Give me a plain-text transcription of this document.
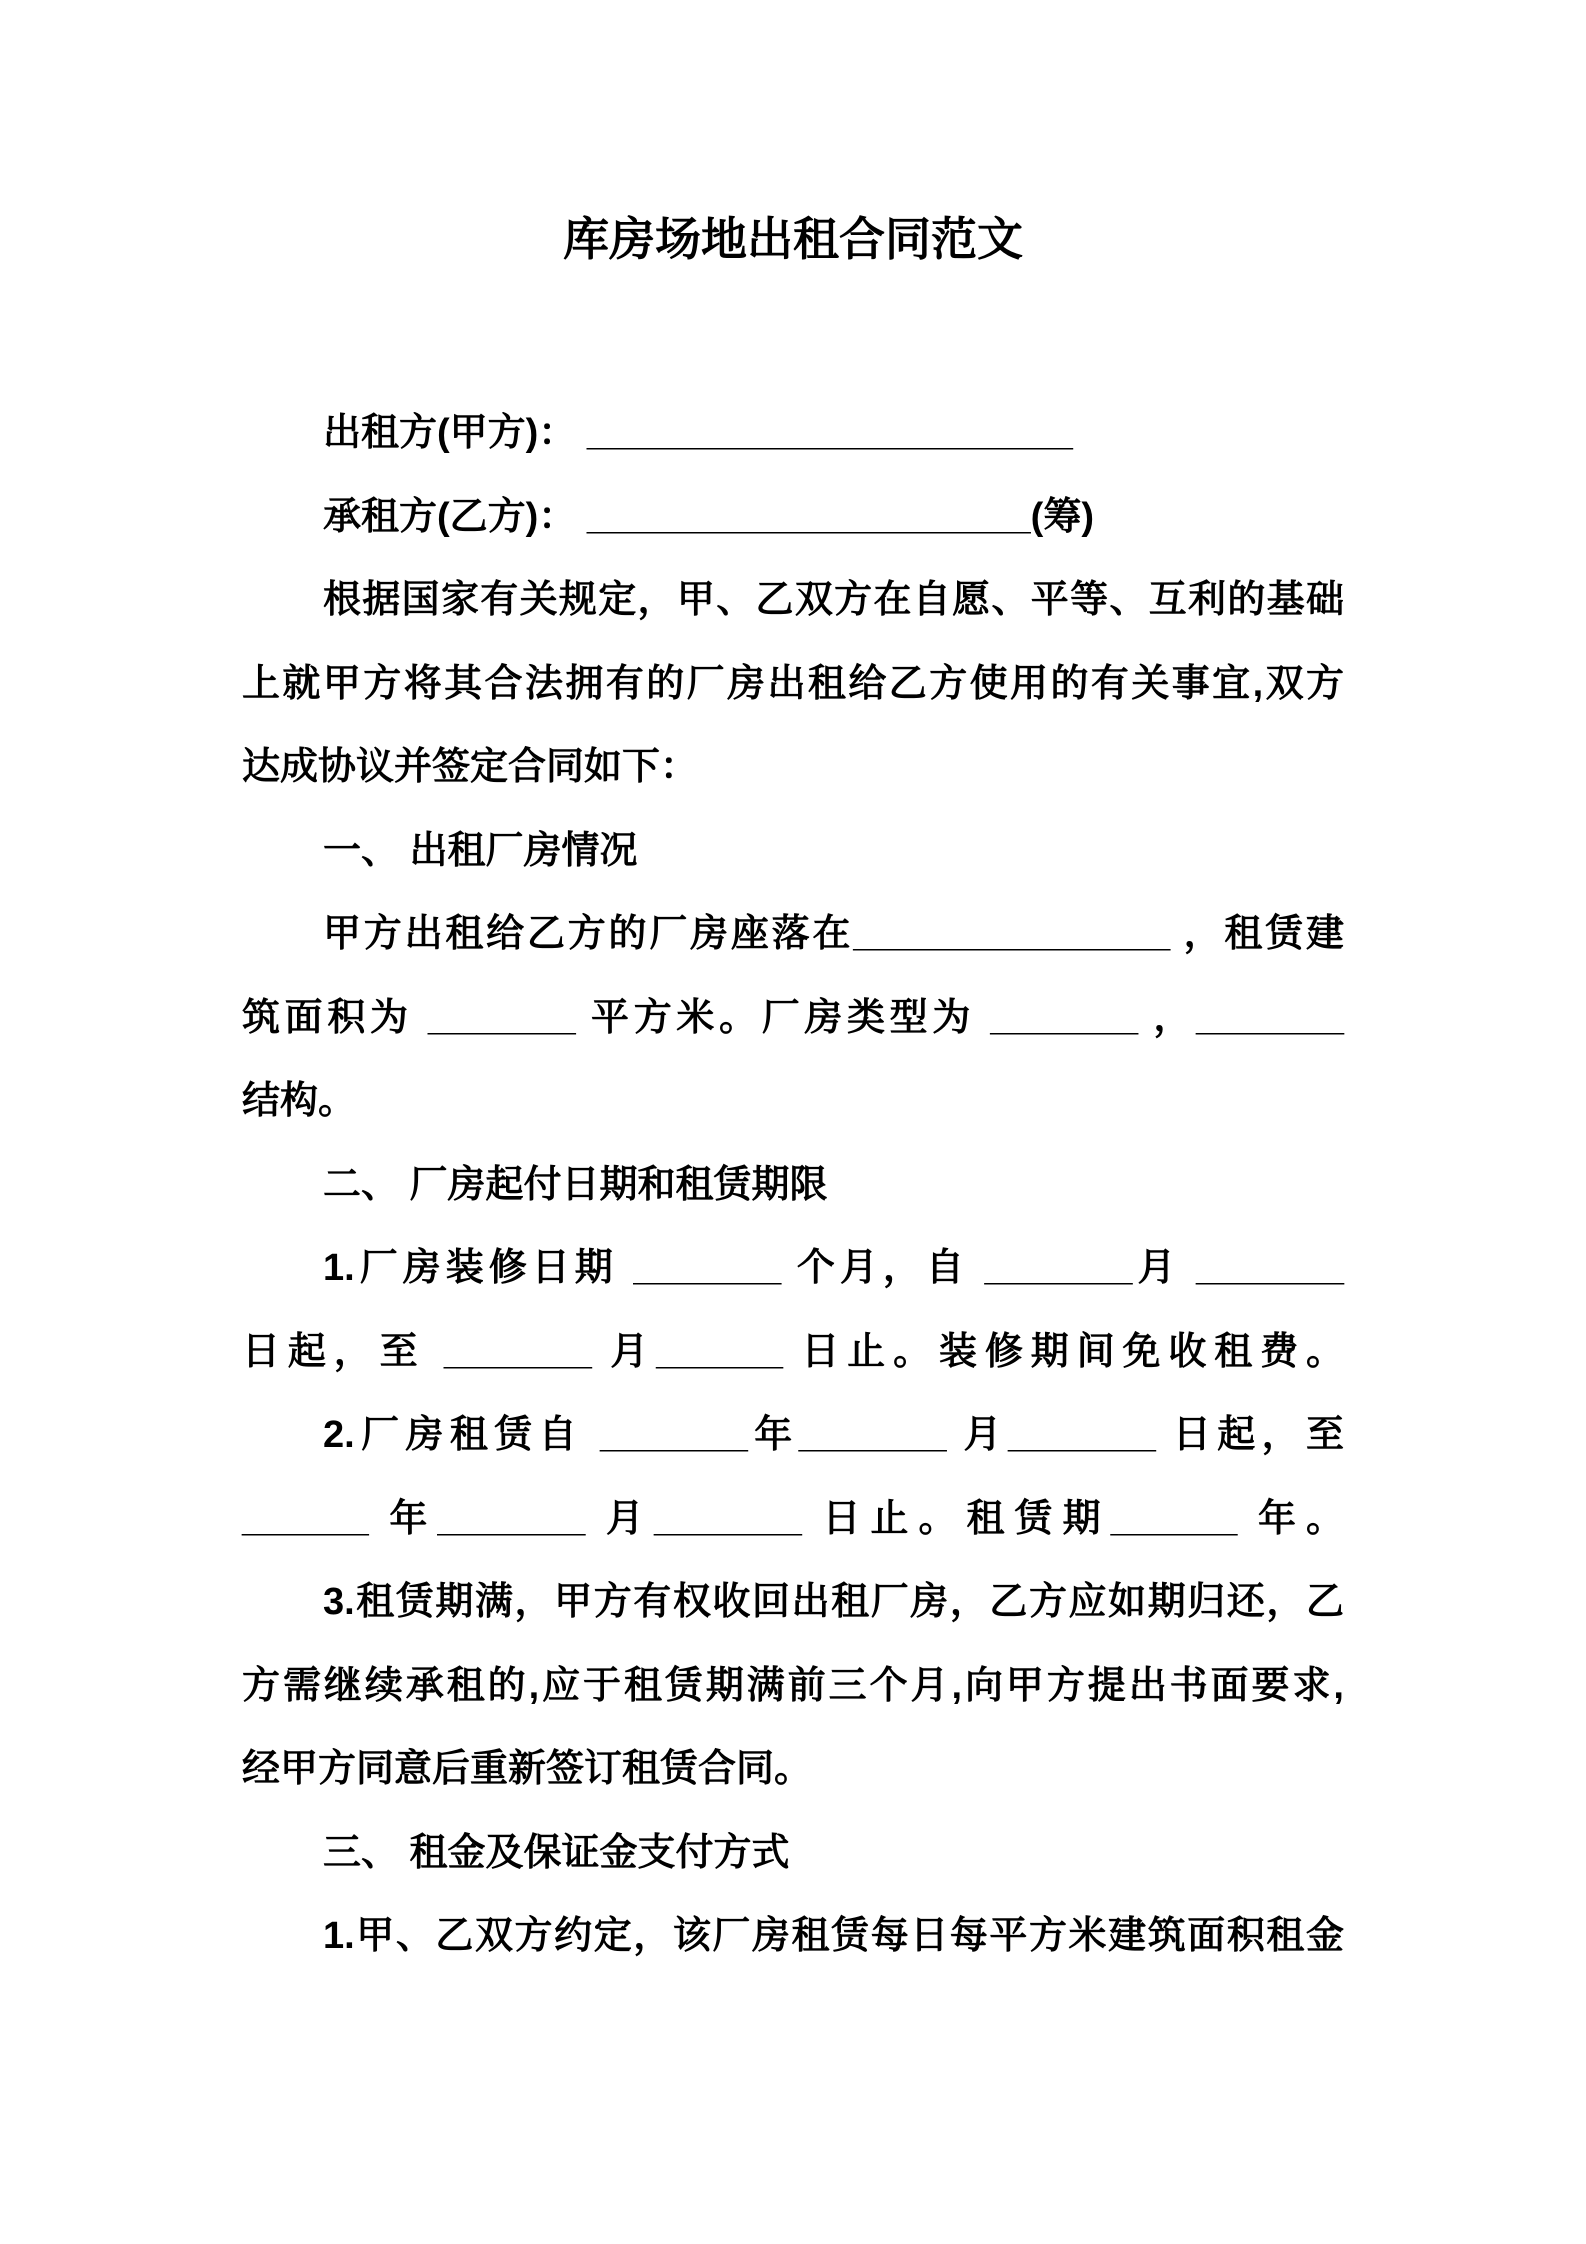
库房场地出租合同范文
出租方(甲方)： _______________________
承租方(乙方)： _____________________(筹)
根据国家有关规定，甲、乙双方在自愿、平等、互利的基础
上就甲方将其合法拥有的厂房出租给乙方使用的有关事宜,双方
达成协议并签定合同如下：
一、 出租厂房情况
甲方出租给乙方的厂房座落在_______________ ，租赁建
筑面积为 _______ 平方米。厂房类型为 _______ ，_______
结构。
二、 厂房起付日期和租赁期限
1.厂房装修日期 _______ 个月，自 _______月 _______
日起，至 _______ 月______ 日止。装修期间免收租费。
2.厂房租赁自 _______年_______ 月_______ 日起，至
______ 年_______ 月_______ 日止。租赁期______ 年。
3.租赁期满，甲方有权收回出租厂房，乙方应如期归还，乙
方需继续承租的,应于租赁期满前三个月,向甲方提出书面要求,
经甲方同意后重新签订租赁合同。
三、 租金及保证金支付方式
1.甲、乙双方约定，该厂房租赁每日每平方米建筑面积租金
